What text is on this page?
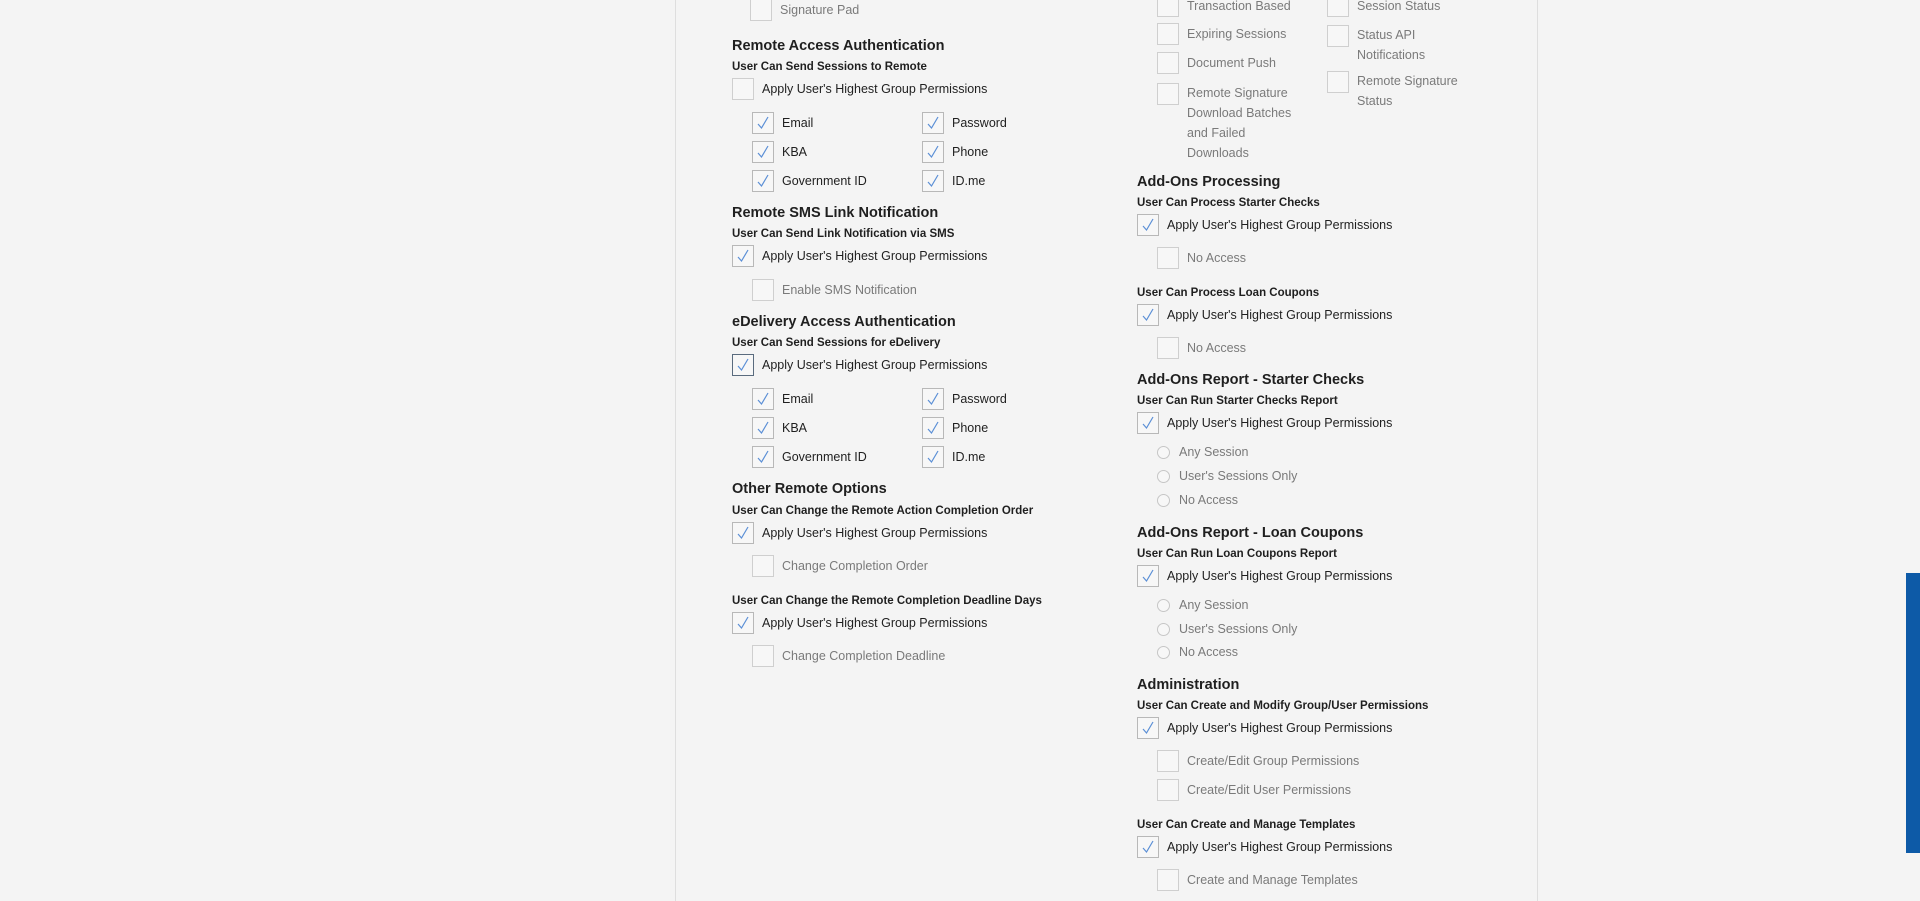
Signature Pad
Remote Access Authentication
User Can Send Sessions to Remote
Apply User's Highest Group Permissions
Email	Password
KBA	Phone
Government ID	ID.me
Remote SMS Link Notification
User Can Send Link Notification via SMS
Apply User's Highest Group Permissions
Enable SMS Notification
eDelivery Access Authentication
User Can Send Sessions for eDelivery
Apply User's Highest Group Permissions
Email	Password
KBA	Phone
Government ID	ID.me
Other Remote Options
User Can Change the Remote Action Completion Order
Apply User's Highest Group Permissions
Change Completion Order
User Can Change the Remote Completion Deadline Days
Apply User's Highest Group Permissions
Change Completion Deadline
Transaction Based
Expiring Sessions
Document Push
Remote Signature Download Batches and Failed Downloads
Session Status
Status API Notifications
Remote Signature Status
Add-Ons Processing
User Can Process Starter Checks
Apply User's Highest Group Permissions
No Access
User Can Process Loan Coupons
Apply User's Highest Group Permissions
No Access
Add-Ons Report - Starter Checks
User Can Run Starter Checks Report
Apply User's Highest Group Permissions
Any Session
User's Sessions Only
No Access
Add-Ons Report - Loan Coupons
User Can Run Loan Coupons Report
Apply User's Highest Group Permissions
Any Session
User's Sessions Only
No Access
Administration
User Can Create and Modify Group/User Permissions
Apply User's Highest Group Permissions
Create/Edit Group Permissions
Create/Edit User Permissions
User Can Create and Manage Templates
Apply User's Highest Group Permissions
Create and Manage Templates
